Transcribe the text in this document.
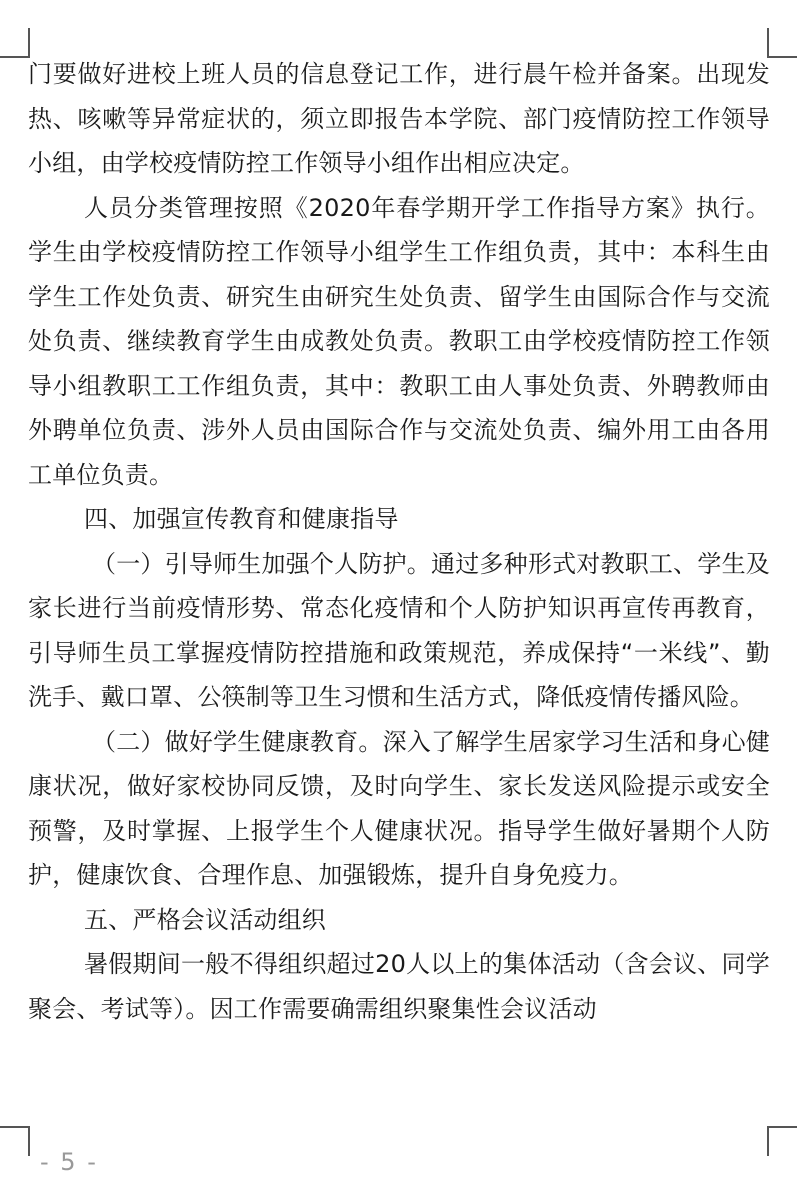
门要做好进校上班人员的信息登记工作，进行晨午检并备案。出现发热、咳嗽等异常症状的，须立即报告本学院、部门疫情防控工作领导小组，由学校疫情防控工作领导小组作出相应决定。

人员分类管理按照《2020年春学期开学工作指导方案》执行。学生由学校疫情防控工作领导小组学生工作组负责，其中：本科生由学生工作处负责、研究生由研究生处负责、留学生由国际合作与交流处负责、继续教育学生由成教处负责。教职工由学校疫情防控工作领导小组教职工工作组负责，其中：教职工由人事处负责、外聘教师由外聘单位负责、涉外人员由国际合作与交流处负责、编外用工由各用工单位负责。

四、加强宣传教育和健康指导

（一）引导师生加强个人防护。通过多种形式对教职工、学生及家长进行当前疫情形势、常态化疫情和个人防护知识再宣传再教育，引导师生员工掌握疫情防控措施和政策规范，养成保持“一米线”、勤洗手、戴口罩、公筷制等卫生习惯和生活方式，降低疫情传播风险。

（二）做好学生健康教育。深入了解学生居家学习生活和身心健康状况，做好家校协同反馈，及时向学生、家长发送风险提示或安全预警，及时掌握、上报学生个人健康状况。指导学生做好暑期个人防护，健康饮食、合理作息、加强锻炼，提升自身免疫力。

五、严格会议活动组织

暑假期间一般不得组织超过20人以上的集体活动（含会议、同学聚会、考试等）。因工作需要确需组织聚集性会议活动

- 5 -
